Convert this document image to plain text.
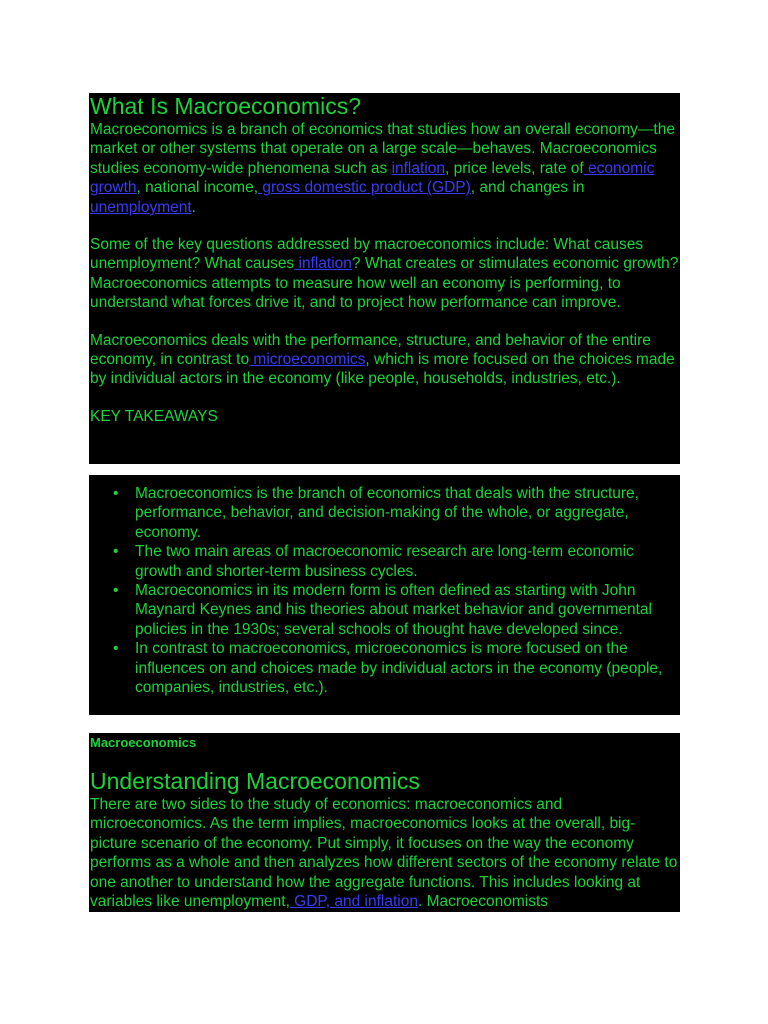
What Is Macroeconomics?

Macroeconomics is a branch of economics that studies how an overall economy—the market or other systems that operate on a large scale—behaves. Macroeconomics studies economy-wide phenomena such as inflation, price levels, rate of economic growth, national income, gross domestic product (GDP), and changes in unemployment.

Some of the key questions addressed by macroeconomics include: What causes unemployment? What causes inflation? What creates or stimulates economic growth? Macroeconomics attempts to measure how well an economy is performing, to understand what forces drive it, and to project how performance can improve.

Macroeconomics deals with the performance, structure, and behavior of the entire economy, in contrast to microeconomics, which is more focused on the choices made by individual actors in the economy (like people, households, industries, etc.).

KEY TAKEAWAYS

• Macroeconomics is the branch of economics that deals with the structure, performance, behavior, and decision-making of the whole, or aggregate, economy.
• The two main areas of macroeconomic research are long-term economic growth and shorter-term business cycles.
• Macroeconomics in its modern form is often defined as starting with John Maynard Keynes and his theories about market behavior and governmental policies in the 1930s; several schools of thought have developed since.
• In contrast to macroeconomics, microeconomics is more focused on the influences on and choices made by individual actors in the economy (people, companies, industries, etc.).
Macroeconomics
Understanding Macroeconomics

There are two sides to the study of economics: macroeconomics and microeconomics. As the term implies, macroeconomics looks at the overall, big-picture scenario of the economy. Put simply, it focuses on the way the economy performs as a whole and then analyzes how different sectors of the economy relate to one another to understand how the aggregate functions. This includes looking at variables like unemployment, GDP, and inflation. Macroeconomists
